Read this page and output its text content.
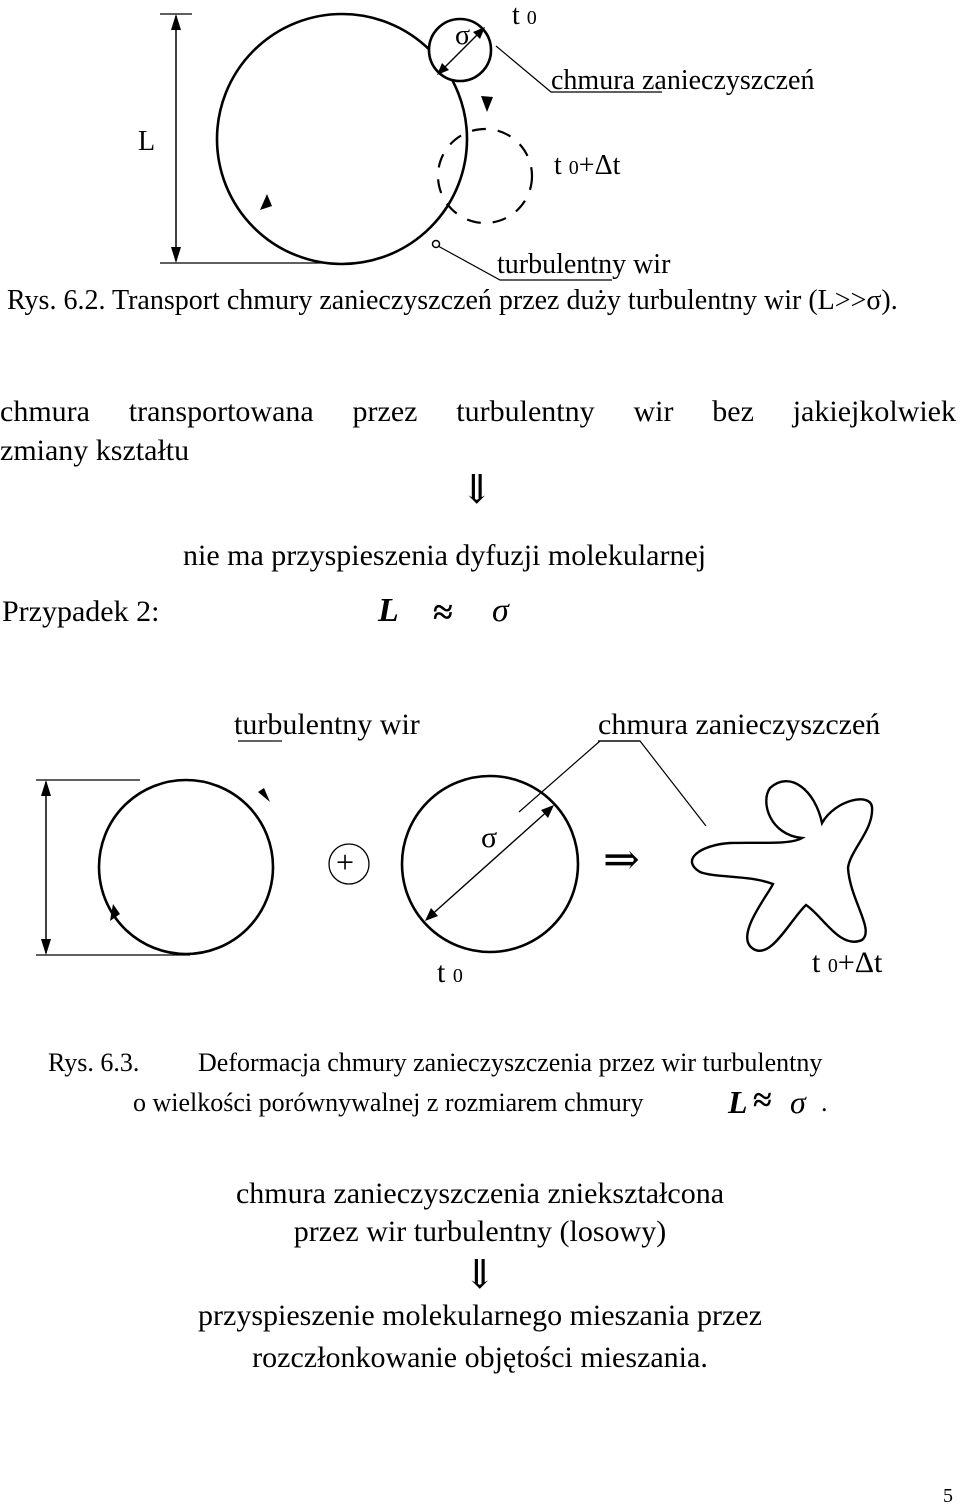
L
σ
t 0
chmura zanieczyszczeń
t 0+Δt
turbulentny wir
Rys. 6.2. Transport chmury zanieczyszczeń przez duży turbulentny wir (L>>σ).
chmura transportowana przez turbulentny wir bez jakiejkolwiek
zmiany kształtu
⇓
nie ma przyspieszenia dyfuzji molekularnej
Przypadek 2:	L ≈ σ
turbulentny wir	chmura zanieczyszczeń
+
σ ⇒
t 0	t 0+Δt
Rys. 6.3. Deformacja chmury zanieczyszczenia przez wir turbulentny
o wielkości porównywalnej z rozmiarem chmury	L ≈ σ .
chmura zanieczyszczenia zniekształcona
przez wir turbulentny (losowy)
⇓
przyspieszenie molekularnego mieszania przez
rozczłonkowanie objętości mieszania.
5
